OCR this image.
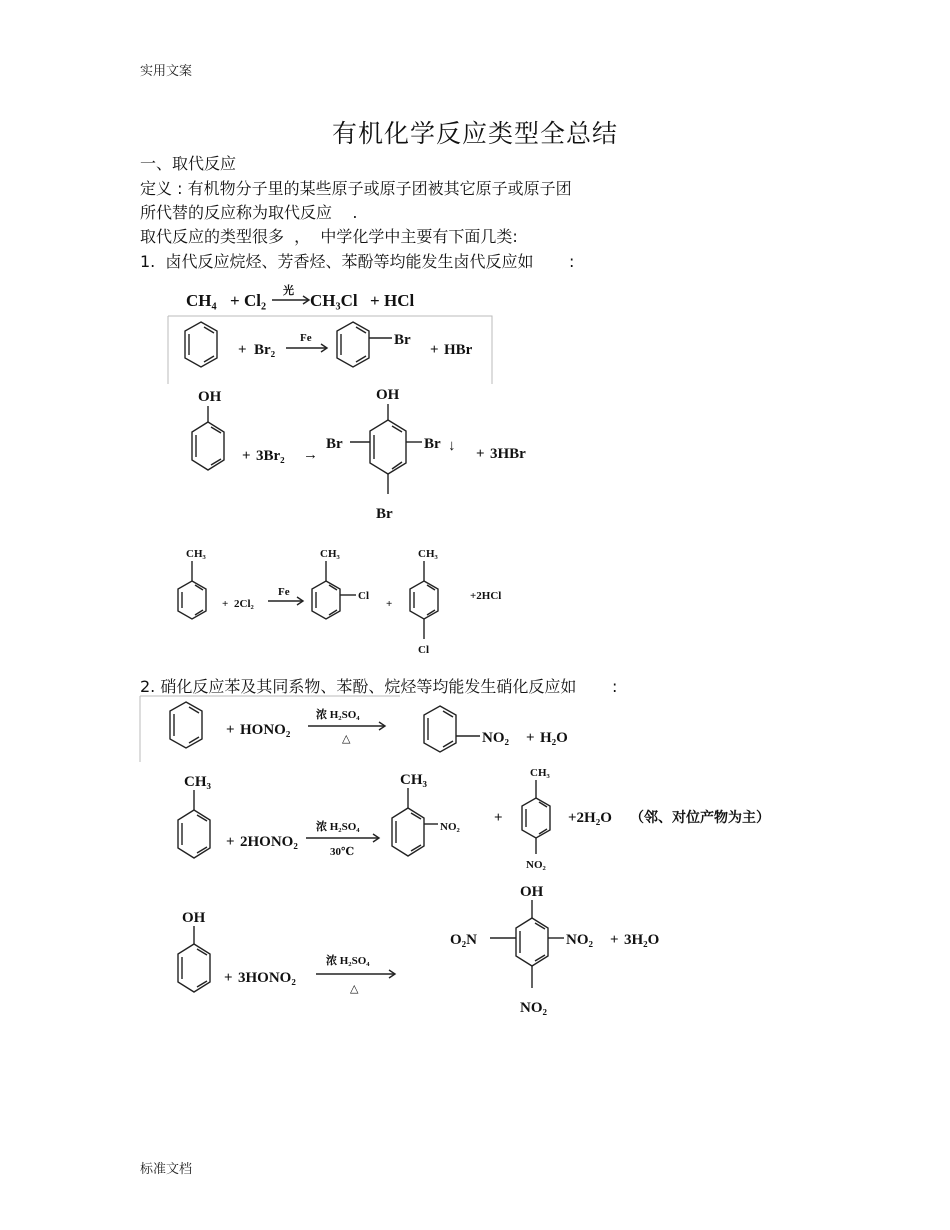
实用文案
标准文档
有机化学反应类型全总结
一、取代反应
定义 : 有机物分子里的某些原子或原子团被其它原子或原子团
所代替的反应称为取代反应    .
取代反应的类型很多  ，  中学化学中主要有下面几类:
1.  卤代反应烷烃、芳香烃、苯酚等均能发生卤代反应如       :
2. 硝化反应苯及其同系物、苯酚、烷烃等均能发生硝化反应如       :
CH₄ + Cl₂ 光 CH₃Cl + HCl
+ Br₂
Fe	Br
+ HBr
OH
+ 3Br₂ →
OH
Br	Br ↓
Br
+ 3HBr
CH₃
+ 2Cl₂
Fe
CH₃
Cl
+
CH₃
Cl
+2HCl
+ HONO₂
浓 H₂SO₄
△	NO₂ + H₂O
CH₃
+ 2HONO₂
浓 H₂SO₄
30℃
CH₃
NO₂
+
CH₃
NO₂
+2H₂O （邻、对位产物为主）
OH
+ 3HONO₂
浓 H₂SO₄
△
OH
O₂N	NO₂ + 3H₂O
NO₂
